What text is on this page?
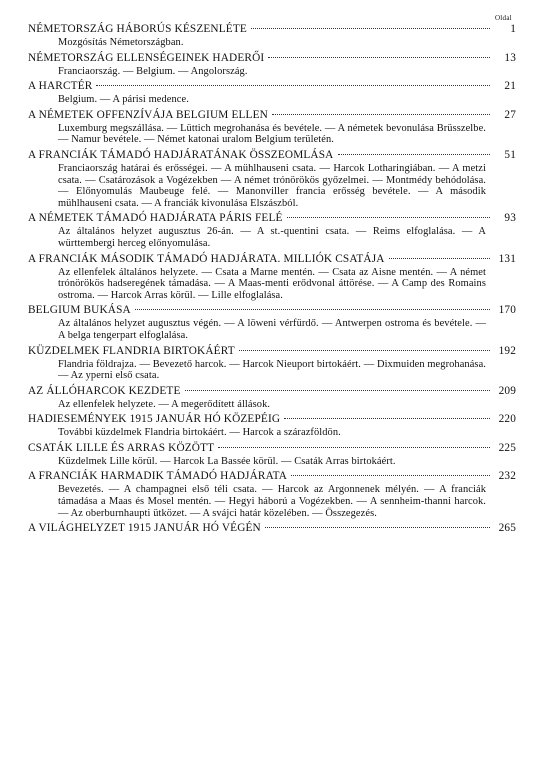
Oldal
NÉMETORSZÁG HÁBORÚS KÉSZENLÉTE	1
Mozgósítás Németországban.
NÉMETORSZÁG ELLENSÉGEINEK HADERŐI	13
Franciaország. — Belgium. — Angolország.
A HARCTÉR	21
Belgium. — A párisi medence.
A NÉMETEK OFFENZÍVÁJA BELGIUM ELLEN	27
Luxemburg megszállása. — Lüttich megrohanása és bevétele. — A németek bevonulása Brüsszelbe. — Namur bevétele. — Német katonai uralom Belgium területén.
A FRANCIÁK TÁMADÓ HADJÁRATÁNAK ÖSSZEOMLÁSA	51
Franciaország határai és erősségei. — A mühlhauseni csata. — Harcok Lotharingiában. — A metzi csata. — Csatározások a Vogézekben — A német trónörökös győzelmei. — Montmédy behódolása. — Előnyomulás Maubeuge felé. — Manonviller francia erősség bevétele. — A második mühlhauseni csata. — A franciák kivonulása Elszászból.
A NÉMETEK TÁMADÓ HADJÁRATA PÁRIS FELÉ	93
Az általános helyzet augusztus 26-án. — A st.-quentini csata. — Reims elfoglalása. — A württembergi herceg előnyomulása.
A FRANCIÁK MÁSODIK TÁMADÓ HADJÁRATA. MILLIÓK CSATÁJA	131
Az ellenfelek általános helyzete. — Csata a Marne mentén. — Csata az Aisne mentén. — A német trónörökös hadseregének támadása. — A Maas-menti erődvonal áttörése. — A Camp des Romains ostroma. — Harcok Arras körül. — Lille elfoglalása.
BELGIUM BUKÁSA	170
Az általános helyzet augusztus végén. — A löweni vérfürdő. — Antwerpen ostroma és bevétele. — A belga tengerpart elfoglalása.
KÜZDELMEK FLANDRIA BIRTOKÁÉRT	192
Flandria földrajza. — Bevezető harcok. — Harcok Nieuport birtokáért. — Dixmuiden megrohanása. — Az yperni első csata.
AZ ÁLLÓHARCOK KEZDETE	209
Az ellenfelek helyzete. — A megerődített állások.
HADIESEMÉNYEK 1915 JANUÁR HÓ KÖZEPÉIG	220
További küzdelmek Flandria birtokáért. — Harcok a szárazföldön.
CSATÁK LILLE ÉS ARRAS KÖZÖTT	225
Küzdelmek Lille körül. — Harcok La Bassée körül. — Csaták Arras birtokáért.
A FRANCIÁK HARMADIK TÁMADÓ HADJÁRATA	232
Bevezetés. — A champagnei első téli csata. — Harcok az Argonnenek mélyén. — A franciák támadása a Maas és Mosel mentén. — Hegyi háború a Vogézekben. — A sennheim-thanni harcok. — Az oberburnhaupti ütközet. — A svájci határ közelében. — Összegezés.
A VILÁGHELYZET 1915 JANUÁR HÓ VÉGÉN	265
